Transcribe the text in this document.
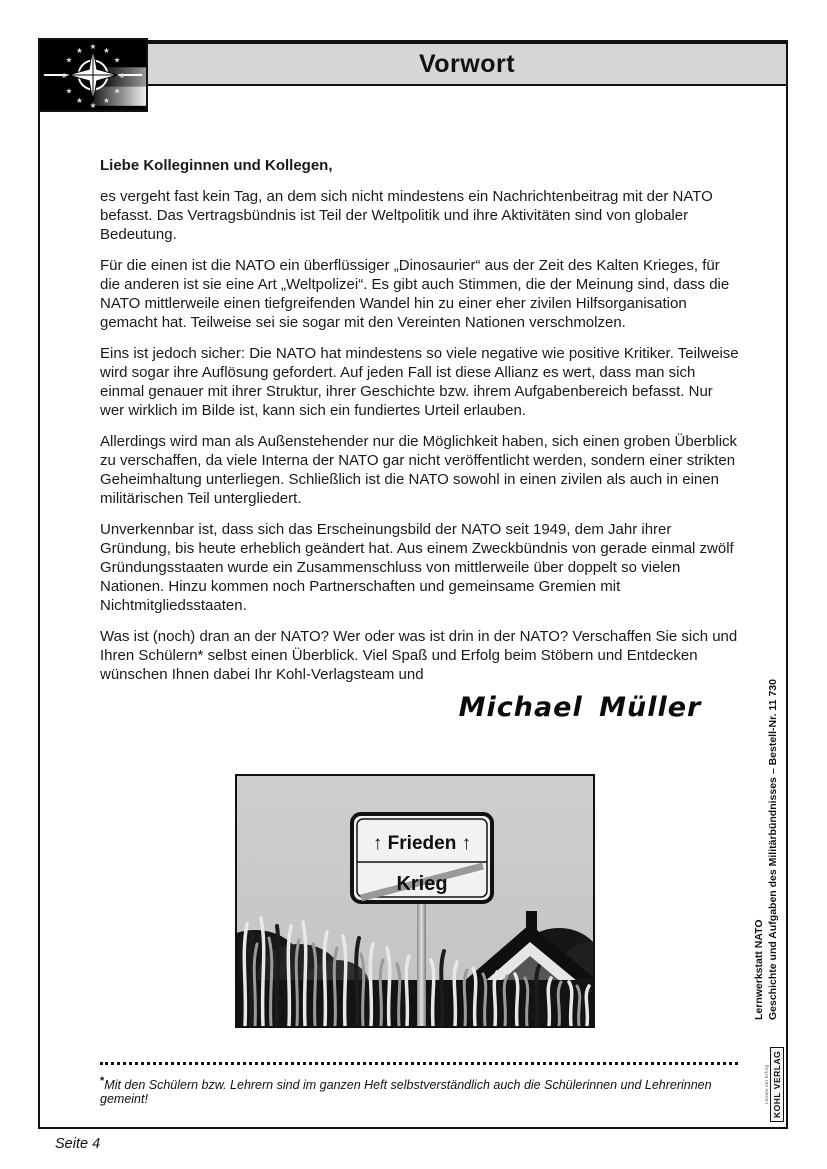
★
★	★
★	★
★	★
★	★
★	★
★
Vorwort

Liebe Kolleginnen und Kollegen,

es vergeht fast kein Tag, an dem sich nicht mindestens ein Nachrichtenbeitrag mit der NATO befasst. Das Vertragsbündnis ist Teil der Weltpolitik und ihre Aktivitäten sind von globaler Bedeutung.

Für die einen ist die NATO ein überflüssiger „Dinosaurier“ aus der Zeit des Kalten Krieges, für die anderen ist sie eine Art „Weltpolizei“. Es gibt auch Stimmen, die der Meinung sind, dass die NATO mittlerweile einen tiefgreifenden Wandel hin zu einer eher zivilen Hilfsorganisation gemacht hat. Teilweise sei sie sogar mit den Vereinten Nationen verschmolzen.

Eins ist jedoch sicher: Die NATO hat mindestens so viele negative wie positive Kritiker. Teilweise wird sogar ihre Auflösung gefordert. Auf jeden Fall ist diese Allianz es wert, dass man sich einmal genauer mit ihrer Struktur, ihrer Geschichte bzw. ihrem Aufgabenbereich befasst. Nur wer wirklich im Bilde ist, kann sich ein fundiertes Urteil erlauben.

Allerdings wird man als Außenstehender nur die Möglichkeit haben, sich einen groben Überblick zu verschaffen, da viele Interna der NATO gar nicht veröffentlicht werden, sondern einer strikten Geheimhaltung unterliegen. Schließlich ist die NATO sowohl in einen zivilen als auch in einen militärischen Teil untergliedert.

Unverkennbar ist, dass sich das Erscheinungsbild der NATO seit 1949, dem Jahr ihrer Gründung, bis heute erheblich geändert hat. Aus einem Zweckbündnis von gerade einmal zwölf Gründungsstaaten wurde ein Zusammenschluss von mittlerweile über doppelt so vielen Nationen. Hinzu kommen noch Partnerschaften und gemeinsame Gremien mit Nichtmitgliedsstaaten.

Was ist (noch) dran an der NATO? Wer oder was ist drin in der NATO? Verschaffen Sie sich und Ihren Schülern* selbst einen Überblick. Viel Spaß und Erfolg beim Stöbern und Entdecken wünschen Ihnen dabei Ihr Kohl-Verlagsteam und

Michael Müller
↑ Frieden ↑
Krieg
Lernwerkstatt NATO Geschichte und Aufgaben des Militärbündnisses – Bestell-Nr. 11 730
*Mit den Schülern bzw. Lehrern sind im ganzen Heft selbstverständlich auch die Schülerinnen und Lehrerinnen gemeint!	Lernen mit Erfolg KOHL VERLAG
Seite 4
